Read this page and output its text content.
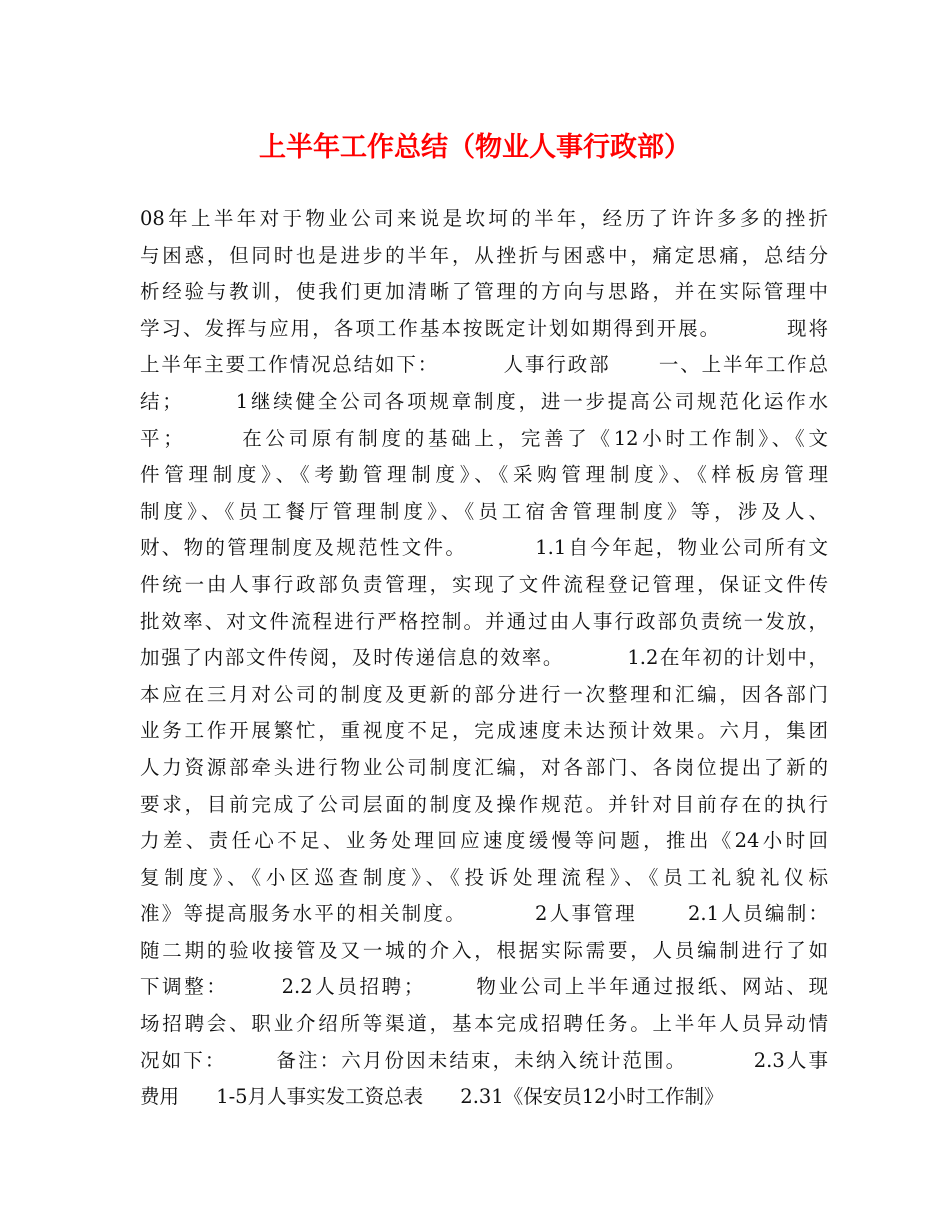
上半年工作总结（物业人事行政部）
08年上半年对于物业公司来说是坎坷的半年，经历了许许多多的挫折
与困惑，但同时也是进步的半年，从挫折与困惑中，痛定思痛，总结分
析经验与教训，使我们更加清晰了管理的方向与思路，并在实际管理中
学习、发挥与应用，各项工作基本按既定计划如期得到开展。        现将
上半年主要工作情况总结如下：        人事行政部      一、上半年工作总
结；      1继续健全公司各项规章制度，进一步提高公司规范化运作水
平；      在公司原有制度的基础上，完善了《12小时工作制》、《文
件管理制度》、《考勤管理制度》、《采购管理制度》、《样板房管理
制度》、《员工餐厅管理制度》、《员工宿舍管理制度》等，涉及人、
财、物的管理制度及规范性文件。        1.1自今年起，物业公司所有文
件统一由人事行政部负责管理，实现了文件流程登记管理，保证文件传
批效率、对文件流程进行严格控制。并通过由人事行政部负责统一发放，
加强了内部文件传阅，及时传递信息的效率。        1.2在年初的计划中，
本应在三月对公司的制度及更新的部分进行一次整理和汇编，因各部门
业务工作开展繁忙，重视度不足，完成速度未达预计效果。六月，集团
人力资源部牵头进行物业公司制度汇编，对各部门、各岗位提出了新的
要求，目前完成了公司层面的制度及操作规范。并针对目前存在的执行
力差、责任心不足、业务处理回应速度缓慢等问题，推出《24小时回
复制度》、《小区巡查制度》、《投诉处理流程》、《员工礼貌礼仪标
准》等提高服务水平的相关制度。        2人事管理      2.1人员编制：
随二期的验收接管及又一城的介入，根据实际需要，人员编制进行了如
下调整：      2.2人员招聘；      物业公司上半年通过报纸、网站、现
场招聘会、职业介绍所等渠道，基本完成招聘任务。上半年人员异动情
况如下：      备注：六月份因未结束，未纳入统计范围。        2.3人事
费用      1-5月人事实发工资总表      2.31《保安员12小时工作制》
